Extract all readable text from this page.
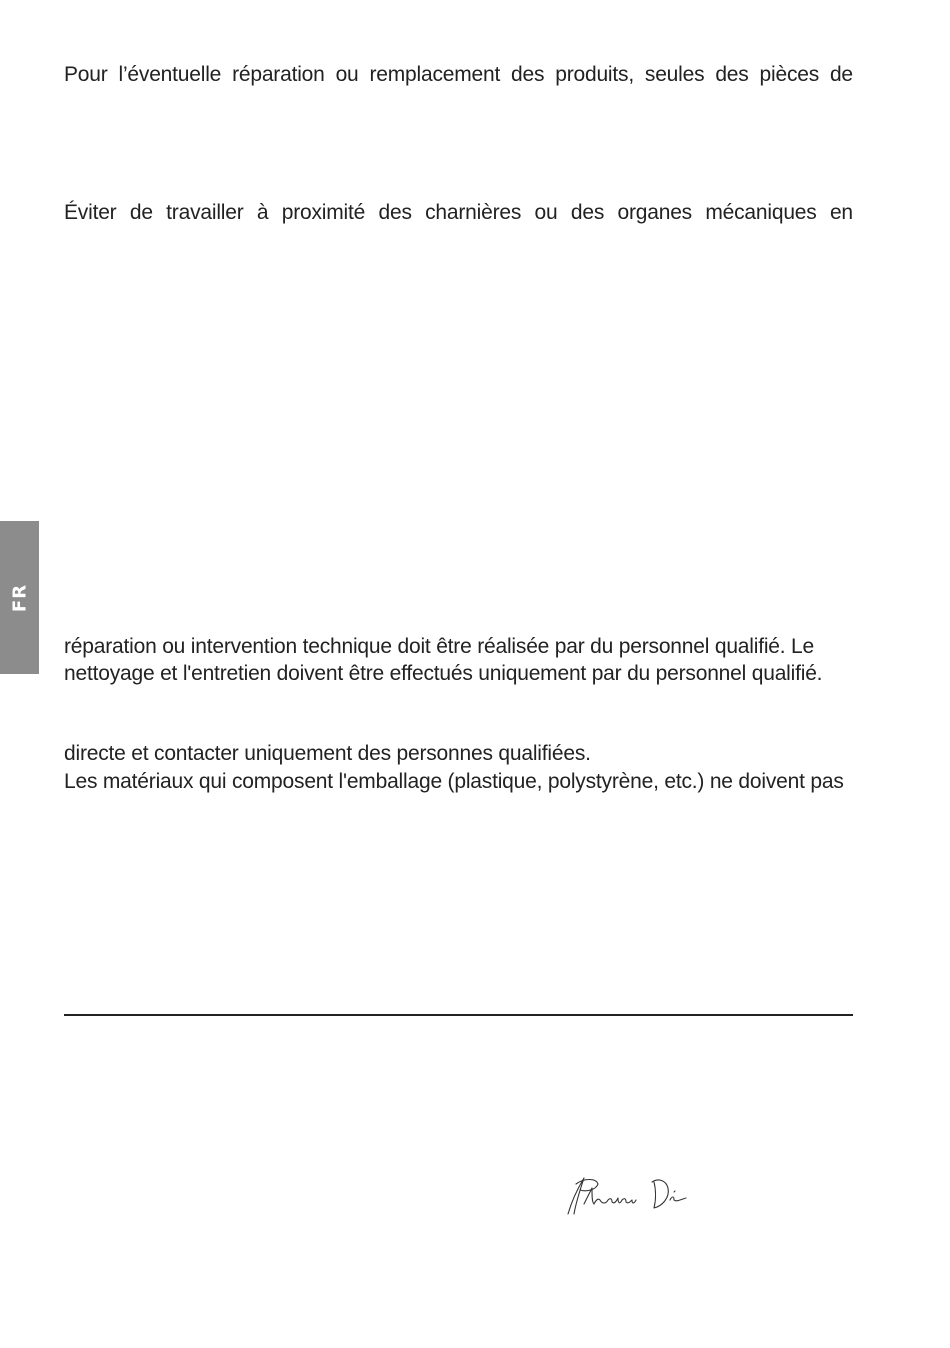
FR
Pour l’éventuelle réparation ou remplacement des produits, seules des pièces de
Éviter de travailler à proximité des charnières ou des organes mécaniques en
réparation ou intervention technique doit être réalisée par du personnel qualifié. Le
nettoyage et l'entretien doivent être effectués uniquement par du personnel qualifié.
directe et contacter uniquement des personnes qualifiées.
Les matériaux qui composent l'emballage (plastique, polystyrène, etc.) ne doivent pas
